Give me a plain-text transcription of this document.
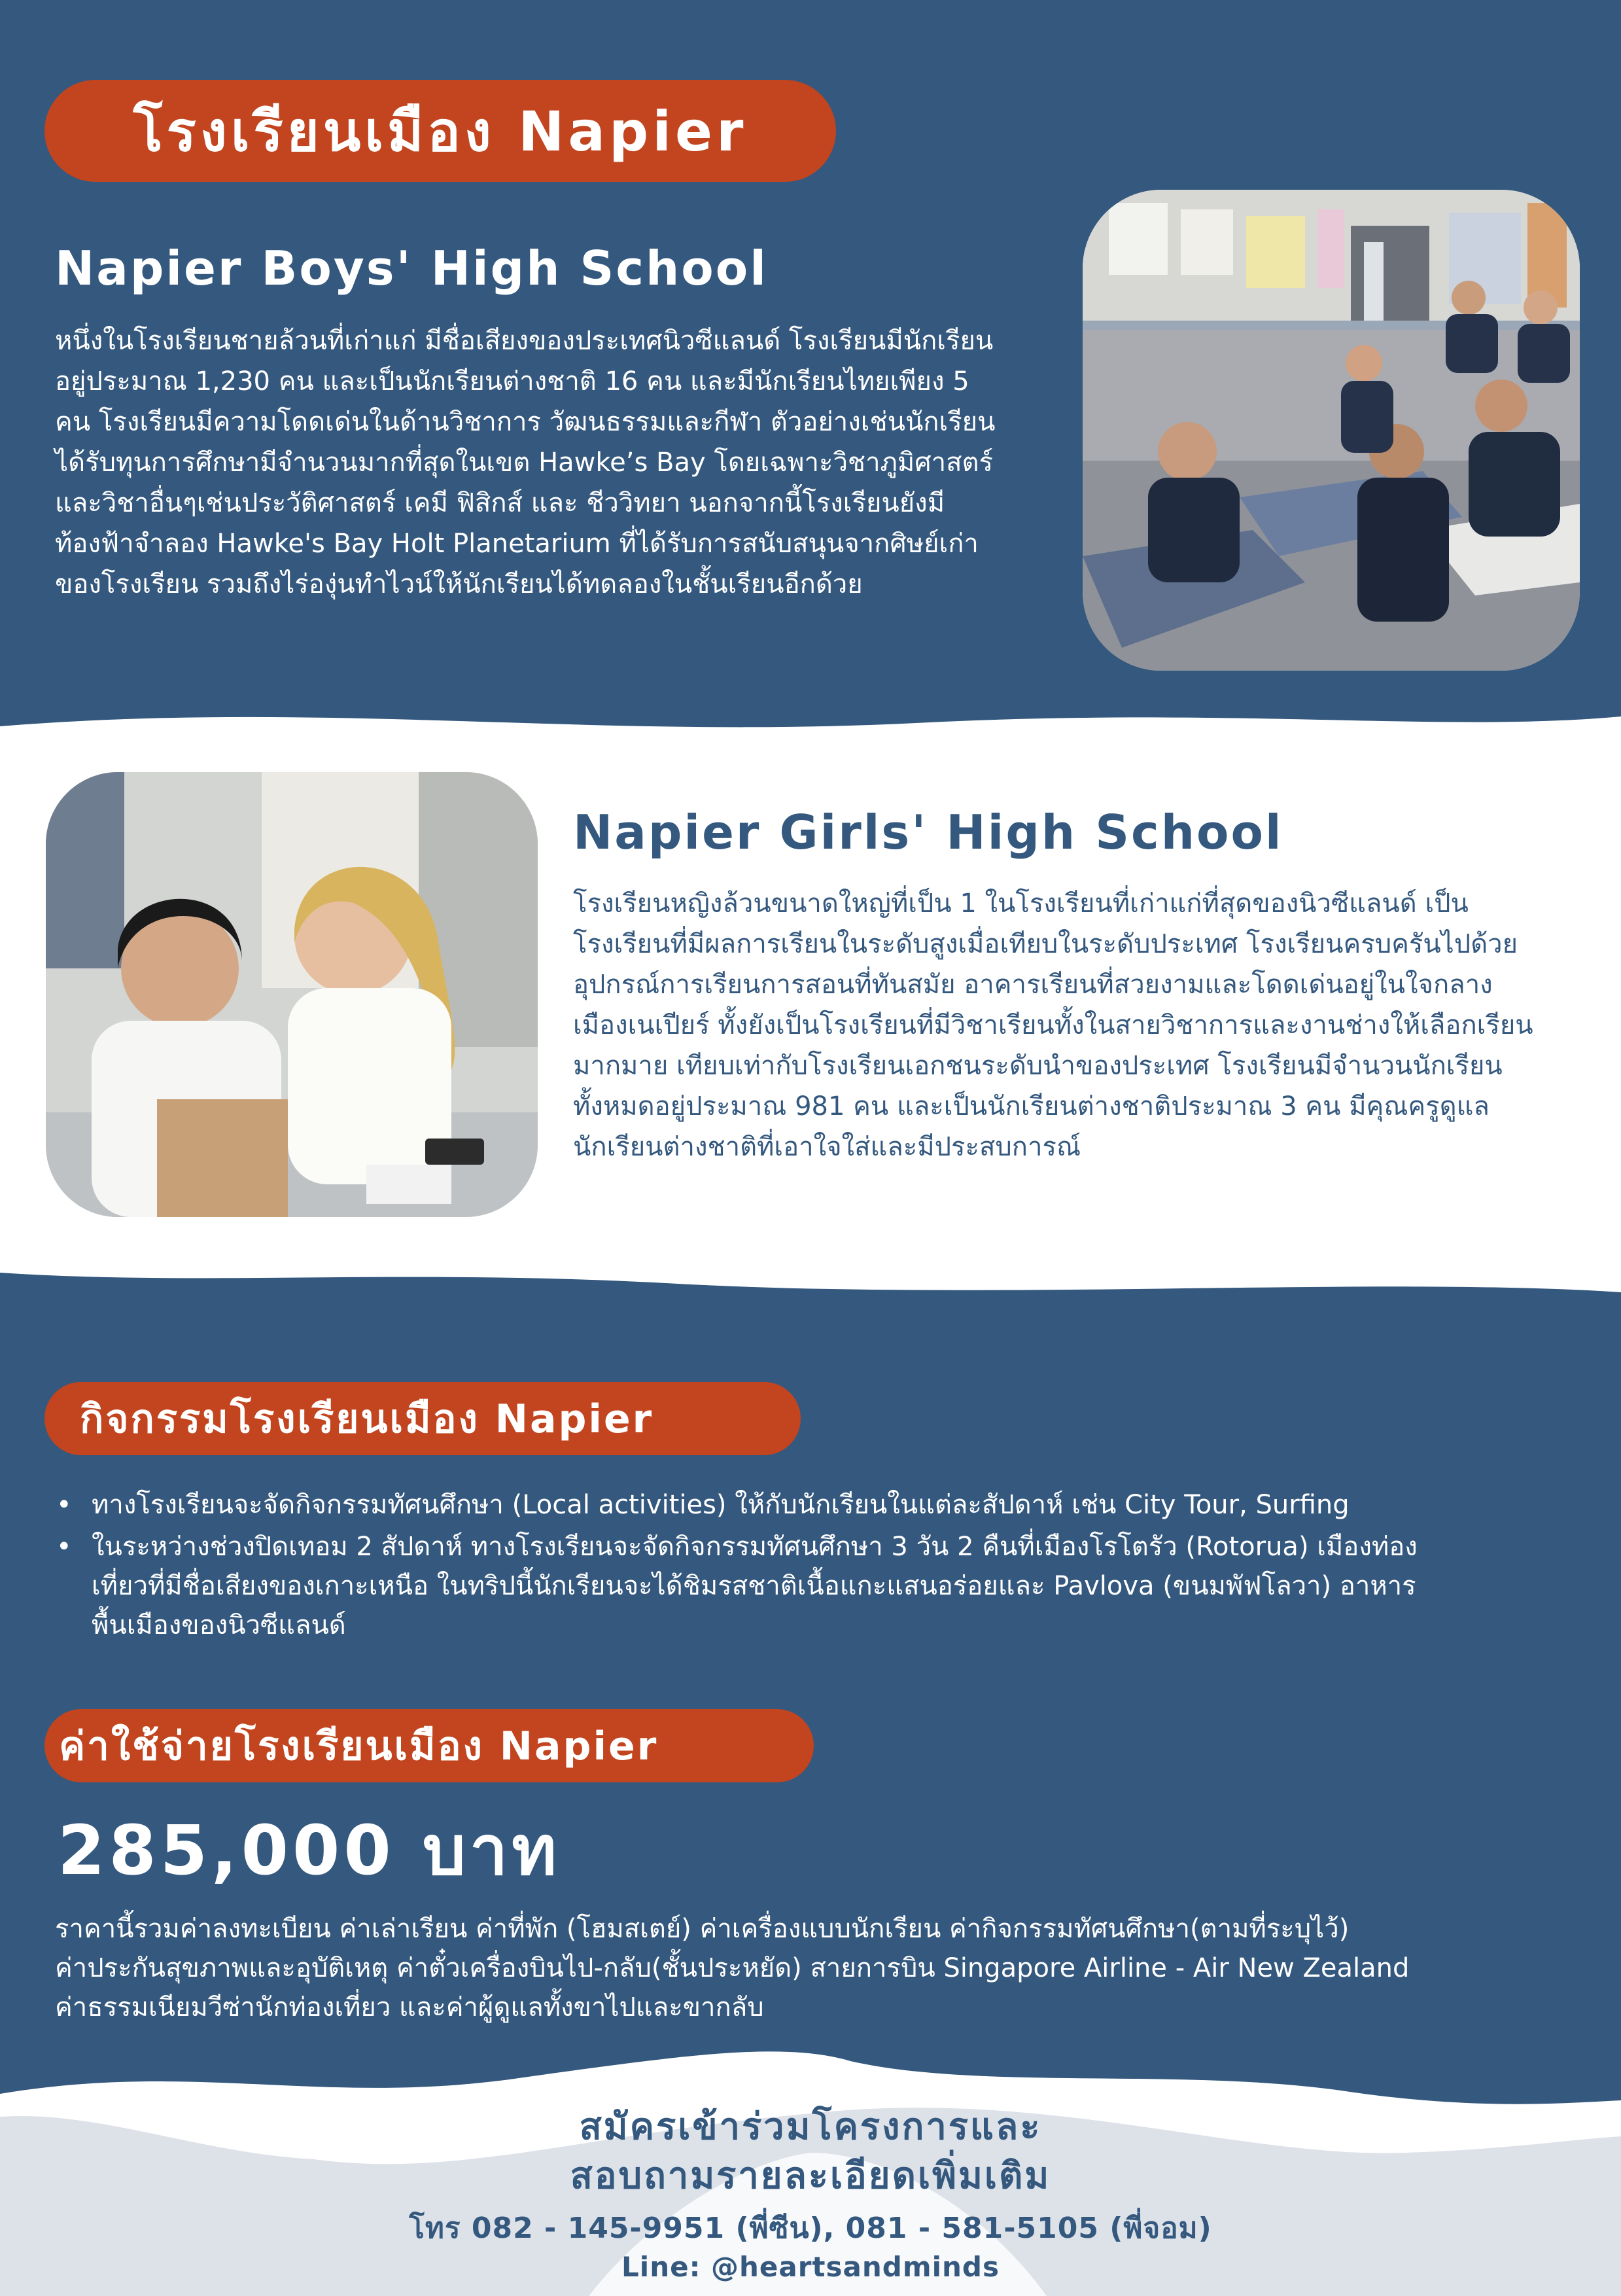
โรงเรียนเมือง Napier
Napier Boys' High School
หนึ่งในโรงเรียนชายล้วนที่เก่าแก่ มีชื่อเสียงของประเทศนิวซีแลนด์ โรงเรียนมีนักเรียน
อยู่ประมาณ 1,230 คน และเป็นนักเรียนต่างชาติ 16 คน และมีนักเรียนไทยเพียง 5
คน โรงเรียนมีความโดดเด่นในด้านวิชาการ วัฒนธรรมและกีฬา ตัวอย่างเช่นนักเรียน
ได้รับทุนการศึกษามีจำนวนมากที่สุดในเขต Hawke’s Bay โดยเฉพาะวิชาภูมิศาสตร์
และวิชาอื่นๆเช่นประวัติศาสตร์ เคมี ฟิสิกส์ และ ชีววิทยา นอกจากนี้โรงเรียนยังมี
ท้องฟ้าจำลอง Hawke's Bay Holt Planetarium ที่ได้รับการสนับสนุนจากศิษย์เก่า
ของโรงเรียน รวมถึงไร่องุ่นทำไวน์ให้นักเรียนได้ทดลองในชั้นเรียนอีกด้วย
Napier Girls' High School
โรงเรียนหญิงล้วนขนาดใหญ่ที่เป็น 1 ในโรงเรียนที่เก่าแก่ที่สุดของนิวซีแลนด์ เป็น
โรงเรียนที่มีผลการเรียนในระดับสูงเมื่อเทียบในระดับประเทศ โรงเรียนครบครันไปด้วย
อุปกรณ์การเรียนการสอนที่ทันสมัย อาคารเรียนที่สวยงามและโดดเด่นอยู่ในใจกลาง
เมืองเนเปียร์ ทั้งยังเป็นโรงเรียนที่มีวิชาเรียนทั้งในสายวิชาการและงานช่างให้เลือกเรียน
มากมาย เทียบเท่ากับโรงเรียนเอกชนระดับนำของประเทศ โรงเรียนมีจำนวนนักเรียน
ทั้งหมดอยู่ประมาณ 981 คน และเป็นนักเรียนต่างชาติประมาณ 3 คน มีคุณครูดูแล
นักเรียนต่างชาติที่เอาใจใส่และมีประสบการณ์
กิจกรรมโรงเรียนเมือง Napier
• ทางโรงเรียนจะจัดกิจกรรมทัศนศึกษา (Local activities) ให้กับนักเรียนในแต่ละสัปดาห์ เช่น City Tour, Surfing
• ในระหว่างช่วงปิดเทอม 2 สัปดาห์ ทางโรงเรียนจะจัดกิจกรรมทัศนศึกษา 3 วัน 2 คืนที่เมืองโรโตรัว (Rotorua) เมืองท่อง
เที่ยวที่มีชื่อเสียงของเกาะเหนือ ในทริปนี้นักเรียนจะได้ชิมรสชาติเนื้อแกะแสนอร่อยและ Pavlova (ขนมพัฟโลวา) อาหาร
พื้นเมืองของนิวซีแลนด์
ค่าใช้จ่ายโรงเรียนเมือง Napier

285,000 บาท

ราคานี้รวมค่าลงทะเบียน ค่าเล่าเรียน ค่าที่พัก (โฮมสเตย์) ค่าเครื่องแบบนักเรียน ค่ากิจกรรมทัศนศึกษา(ตามที่ระบุไว้)
ค่าประกันสุขภาพและอุบัติเหตุ ค่าตั๋วเครื่องบินไป-กลับ(ชั้นประหยัด) สายการบิน Singapore Airline - Air New Zealand
ค่าธรรมเนียมวีซ่านักท่องเที่ยว และค่าผู้ดูแลทั้งขาไปและขากลับ

สมัครเข้าร่วมโครงการและ

สอบถามรายละเอียดเพิ่มเติม

โทร 082 - 145-9951 (พี่ซีน), 081 - 581-5105 (พี่จอม)

Line: @heartsandminds
